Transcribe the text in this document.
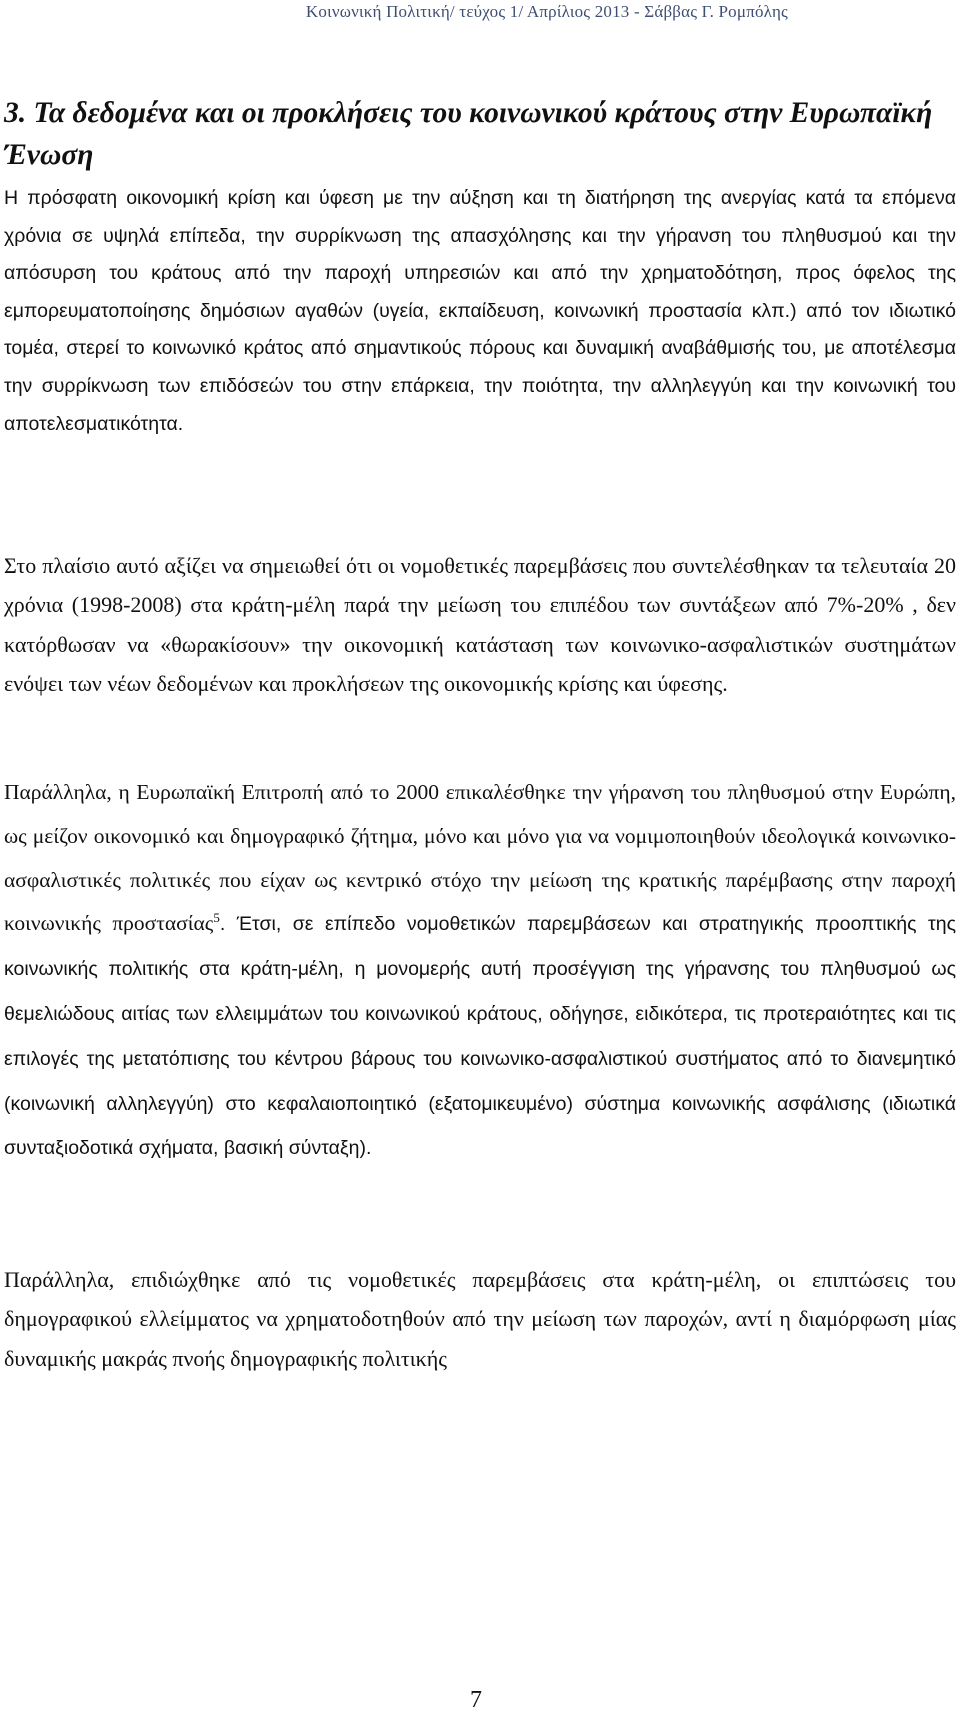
Κοινωνική Πολιτική/ τεύχος 1/ Απρίλιος 2013 - Σάββας Γ. Ρομπόλης
3. Τα δεδομένα και οι προκλήσεις του κοινωνικού κράτους στην Ευρωπαϊκή Ένωση

Η πρόσφατη οικονομική κρίση και ύφεση με την αύξηση και τη διατήρηση της ανεργίας κατά τα επόμενα χρόνια σε υψηλά επίπεδα, την συρρίκνωση της απασχόλησης και την γήρανση του πληθυσμού και την απόσυρση του κράτους από την παροχή υπηρεσιών και από την χρηματοδότηση, προς όφελος της εμπορευματοποίησης δημόσιων αγαθών (υγεία, εκπαίδευση, κοινωνική προστασία κλπ.) από τον ιδιωτικό τομέα, στερεί το κοινωνικό κράτος από σημαντικούς πόρους και δυναμική αναβάθμισής του, με αποτέλεσμα την συρρίκνωση των επιδόσεών του στην επάρκεια, την ποιότητα, την αλληλεγγύη και την κοινωνική του αποτελεσματικότητα.

Στο πλαίσιο αυτό αξίζει να σημειωθεί ότι οι νομοθετικές παρεμβάσεις που συντελέσθηκαν τα τελευταία 20 χρόνια (1998-2008) στα κράτη-μέλη παρά την μείωση του επιπέδου των συντάξεων από 7%-20% , δεν κατόρθωσαν να «θωρακίσουν» την οικονομική κατάσταση των κοινωνικο-ασφαλιστικών συστημάτων ενόψει των νέων δεδομένων και προκλήσεων της οικονομικής κρίσης και ύφεσης.

Παράλληλα, η Ευρωπαϊκή Επιτροπή από το 2000 επικαλέσθηκε την γήρανση του πληθυσμού στην Ευρώπη, ως μείζον οικονομικό και δημογραφικό ζήτημα, μόνο και μόνο για να νομιμοποιηθούν ιδεολογικά κοινωνικο-ασφαλιστικές πολιτικές που είχαν ως κεντρικό στόχο την μείωση της κρατικής παρέμβασης στην παροχή κοινωνικής προστασίας$^5$. Έτσι, σε επίπεδο νομοθετικών παρεμβάσεων και στρατηγικής προοπτικής της κοινωνικής πολιτικής στα κράτη-μέλη, η μονομερής αυτή προσέγγιση της γήρανσης του πληθυσμού ως θεμελιώδους αιτίας των ελλειμμάτων του κοινωνικού κράτους, οδήγησε, ειδικότερα, τις προτεραιότητες και τις επιλογές της μετατόπισης του κέντρου βάρους του κοινωνικο-ασφαλιστικού συστήματος από το διανεμητικό (κοινωνική αλληλεγγύη) στο κεφαλαιοποιητικό (εξατομικευμένο) σύστημα κοινωνικής ασφάλισης (ιδιωτικά συνταξιοδοτικά σχήματα, βασική σύνταξη).

Παράλληλα, επιδιώχθηκε από τις νομοθετικές παρεμβάσεις στα κράτη-μέλη, οι επιπτώσεις του δημογραφικού ελλείμματος να χρηματοδοτηθούν από την μείωση των παροχών, αντί η διαμόρφωση μίας δυναμικής μακράς πνοής δημογραφικής πολιτικής

7
